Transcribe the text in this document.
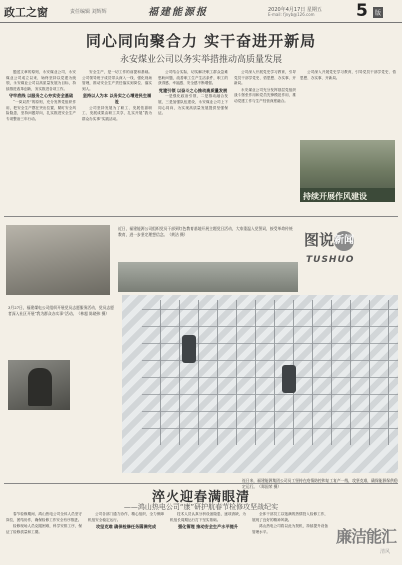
政工之窗	责任编辑 刘辉辉	福建能源报	2020年4月17日 星期五
E-mail: fjnyb@126.com 5	版
同心同向聚合力 实干奋进开新局
永安煤业公司以务实举措推动高质量发展

题述文章的原则，永安煤业公司，永安煤业公司成立以来，始终坚持以党建为统领，永安煤业公司以高质量发展为目标，持续推进改革创新，务实推进各项工作。

守牢底线 以服务之心夯实安全基础

“一岗双责”的原则，充分发挥党组织作用，把安全生产摆在突出位置，紧盯安全风险隐患，坚持问题导向，扎实推进安全生产专项整治三年行动。

安全生产，是一切工作的前提和基础。公司领导班子成员带头深入一线，强化现场管理，推动安全生产责任落实到岗位、落实到人。

坚持以人为本 以务实之心增进民生福祉

公司坚持发展为了职工、发展依靠职工、发展成果由职工共享，扎实开展“我为群众办实事”实践活动。

公司结合实际，切实解决职工群众急难愁盼问题，改善职工生产生活条件，职工的获得感、幸福感、安全感不断增强。

党建引领 以奋斗之心推动高质量发展

一是强化政治引领，二是推动融合发展，三是加强队伍建设，永安煤业公司上下同心同向，为实现高质量发展提供坚强保证。

公司深入开展党史学习教育，引导党员干部学党史、悟思想、办实事、开新局。

永安煤业公司充分发挥基层党组织战斗堡垒作用和党员先锋模范作用，推动党建工作与生产经营深度融合。

公司深入开展党史学习教育，引导党员干部学党史、悟思想、办实事、开新局。

持续开展作风建设
图说新闻
TUSHUO
近日，福建能源公司组织党员干部到红色教育基地开展主题党日活动，大家重温入党誓词，接受革命传统教育，进一步坚定理想信念。（黄洁 摄）
3月27日，福建煤电公司组织开展党员志愿服务活动，党员志愿者深入社区开展“我为群众办实事”活动。（林超 陈晓伟 摄）
连日来，福建能源集团公司员工坚持在疫情防控和复工复产一线，攻坚克难，确保能源保供稳定运行。（郑国荣 摄）
淬火迎春满眼清
——鸿山热电公司“康”研护航春节检修攻坚战纪实

春节检修期间，鸿山热电公司全体人员坚守岗位，团结协作，确保检修工作安全有序推进。

检修现场人员克服困难，科学安排工序，保证了检修质量和工期。

公司各部门通力协作，精心组织，全力保障机组安全稳定运行。

攻坚克难 确保检修任务圆满完成

技术人员认真分析设备隐患，逐项消缺，为机组长周期运行打下坚实基础。

强化管理 推动安全生产水平提升

全体干部员工以饱满的热情投入检修工作，展现了良好的精神风貌。

鸿山热电公司将以此为契机，持续提升设备管理水平。	廉洁能汇
清风
